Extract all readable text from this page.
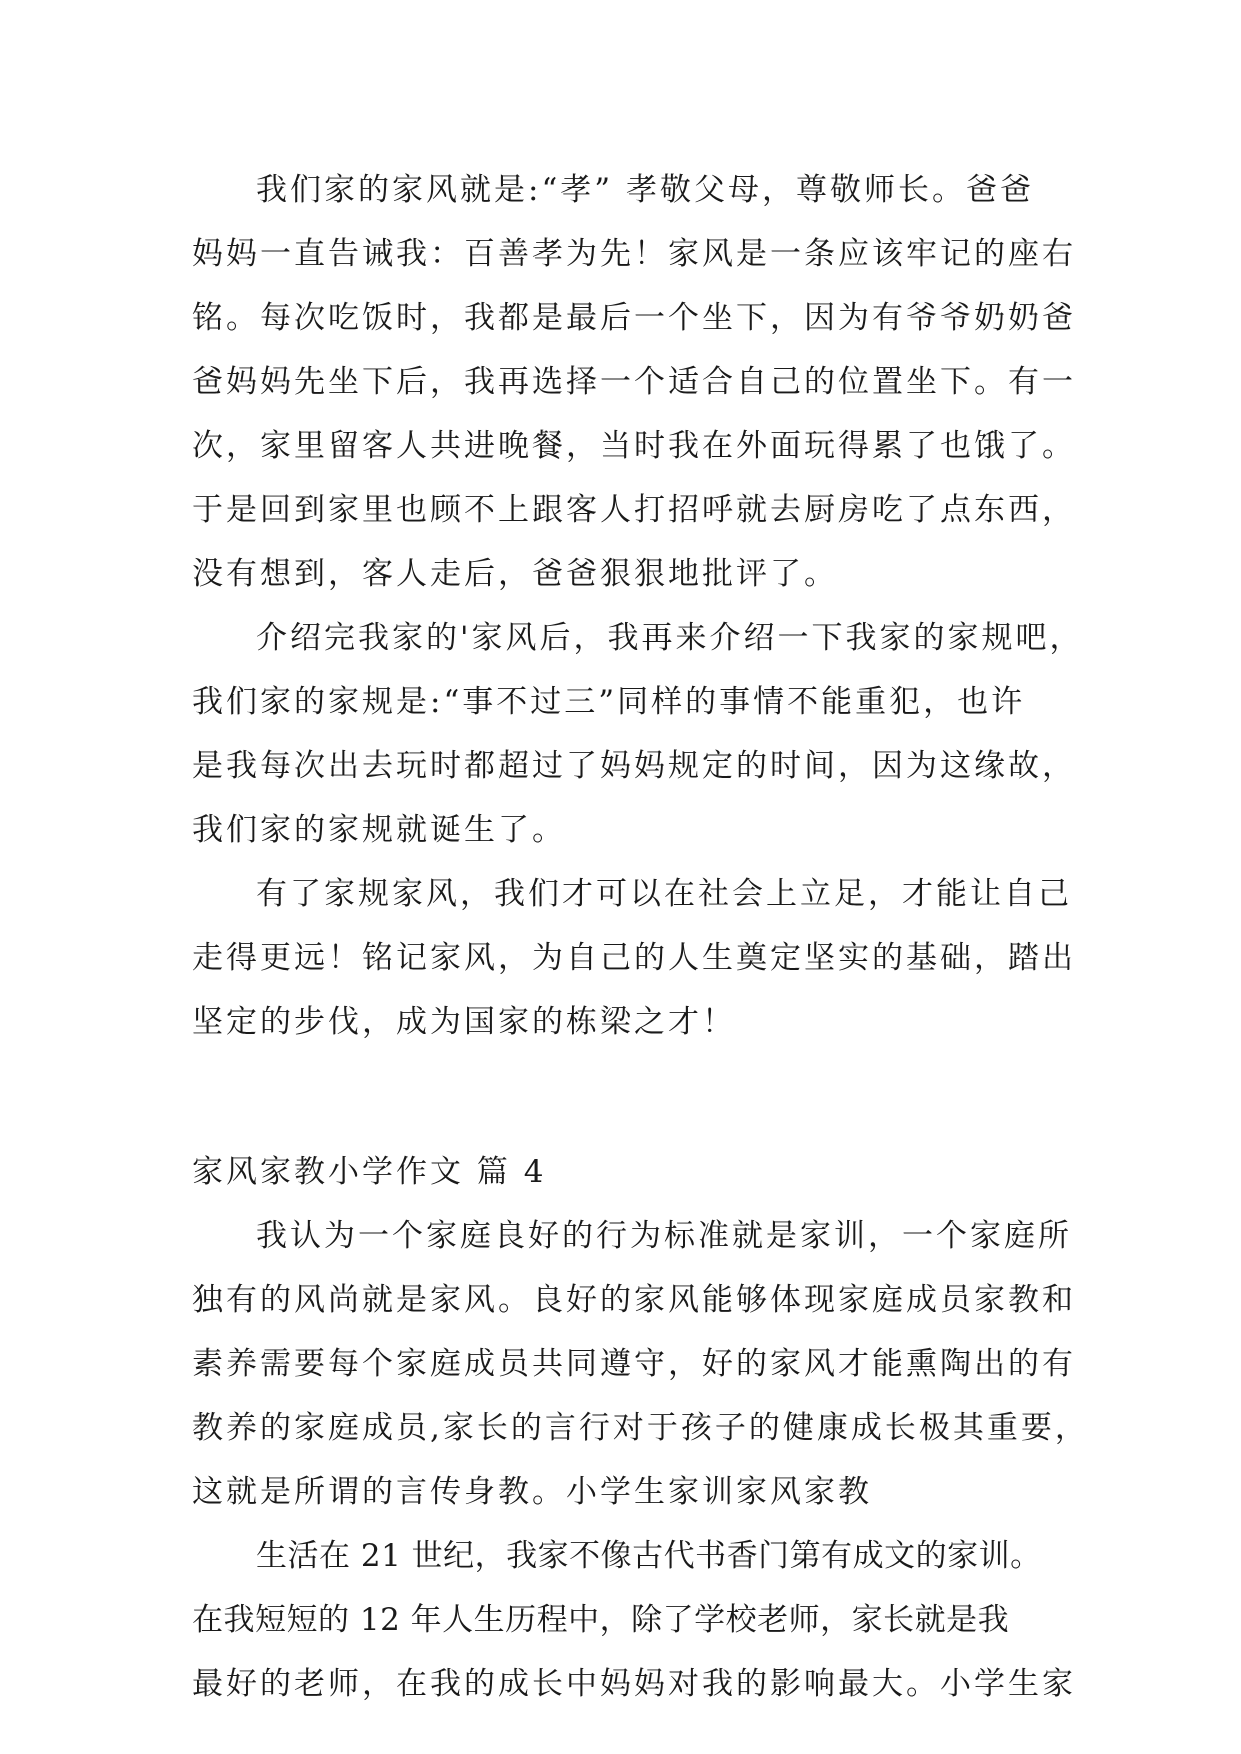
我们家的家风就是:“孝” 孝敬父母，尊敬师长。爸爸
妈妈一直告诫我：百善孝为先！家风是一条应该牢记的座右
铭。每次吃饭时，我都是最后一个坐下，因为有爷爷奶奶爸
爸妈妈先坐下后，我再选择一个适合自己的位置坐下。有一
次，家里留客人共进晚餐，当时我在外面玩得累了也饿了。
于是回到家里也顾不上跟客人打招呼就去厨房吃了点东西，
没有想到，客人走后，爸爸狠狠地批评了。
介绍完我家的'家风后，我再来介绍一下我家的家规吧，
我们家的家规是:“事不过三”同样的事情不能重犯，也许
是我每次出去玩时都超过了妈妈规定的时间，因为这缘故，
我们家的家规就诞生了。
有了家规家风，我们才可以在社会上立足，才能让自己
走得更远！铭记家风，为自己的人生奠定坚实的基础，踏出
坚定的步伐，成为国家的栋梁之才！
家风家教小学作文 篇 4
我认为一个家庭良好的行为标准就是家训，一个家庭所
独有的风尚就是家风。良好的家风能够体现家庭成员家教和
素养需要每个家庭成员共同遵守，好的家风才能熏陶出的有
教养的家庭成员,家长的言行对于孩子的健康成长极其重要，
这就是所谓的言传身教。小学生家训家风家教
生活在 21 世纪，我家不像古代书香门第有成文的家训。
在我短短的 12 年人生历程中，除了学校老师，家长就是我
最好的老师，在我的成长中妈妈对我的影响最大。小学生家
